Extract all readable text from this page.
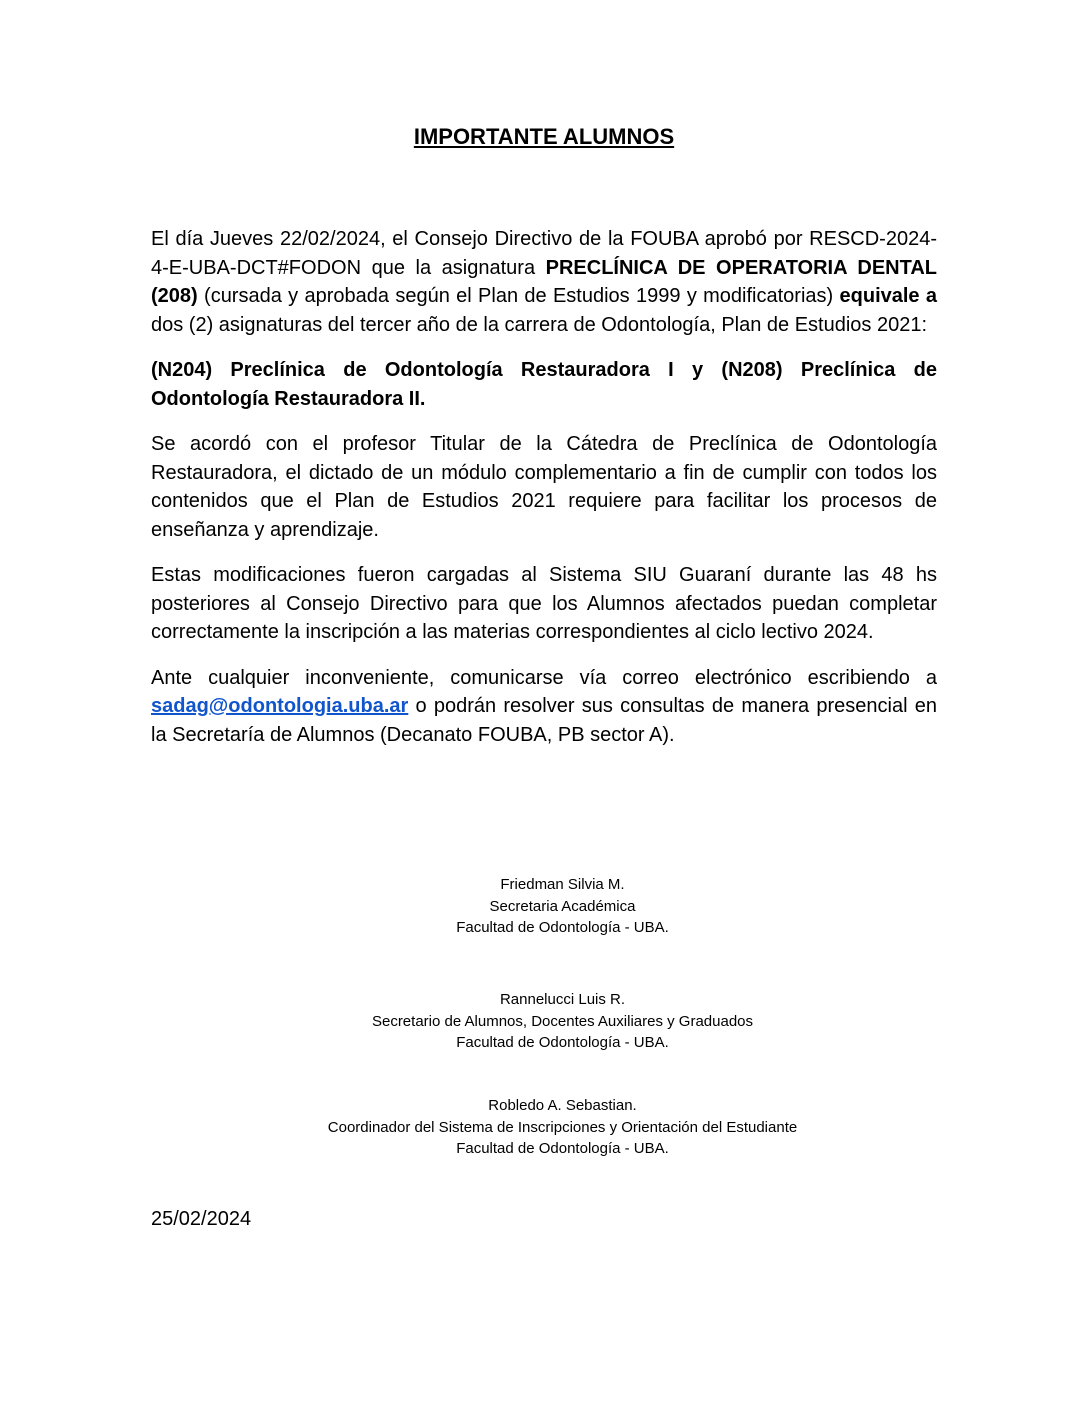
IMPORTANTE ALUMNOS

El día Jueves 22/02/2024, el Consejo Directivo de la FOUBA aprobó por RESCD-2024-4-E-UBA-DCT#FODON que la asignatura PRECLÍNICA DE OPERATORIA DENTAL (208) (cursada y aprobada según el Plan de Estudios 1999 y modificatorias) equivale a dos (2) asignaturas del tercer año de la carrera de Odontología, Plan de Estudios 2021:

(N204) Preclínica de Odontología Restauradora I y (N208) Preclínica de Odontología Restauradora II.

Se acordó con el profesor Titular de la Cátedra de Preclínica de Odontología Restauradora, el dictado de un módulo complementario a fin de cumplir con todos los contenidos que el Plan de Estudios 2021 requiere para facilitar los procesos de enseñanza y aprendizaje.

Estas modificaciones fueron cargadas al Sistema SIU Guaraní durante las 48 hs posteriores al Consejo Directivo para que los Alumnos afectados puedan completar correctamente la inscripción a las materias correspondientes al ciclo lectivo 2024.

Ante cualquier inconveniente, comunicarse vía correo electrónico escribiendo a sadag@odontologia.uba.ar o podrán resolver sus consultas de manera presencial en la Secretaría de Alumnos (Decanato FOUBA, PB sector A).

Friedman Silvia M.
Secretaria Académica
Facultad de Odontología - UBA.
Rannelucci Luis R.
Secretario de Alumnos, Docentes Auxiliares y Graduados
Facultad de Odontología - UBA.
Robledo A. Sebastian.
Coordinador del Sistema de Inscripciones y Orientación del Estudiante
Facultad de Odontología - UBA.
25/02/2024
